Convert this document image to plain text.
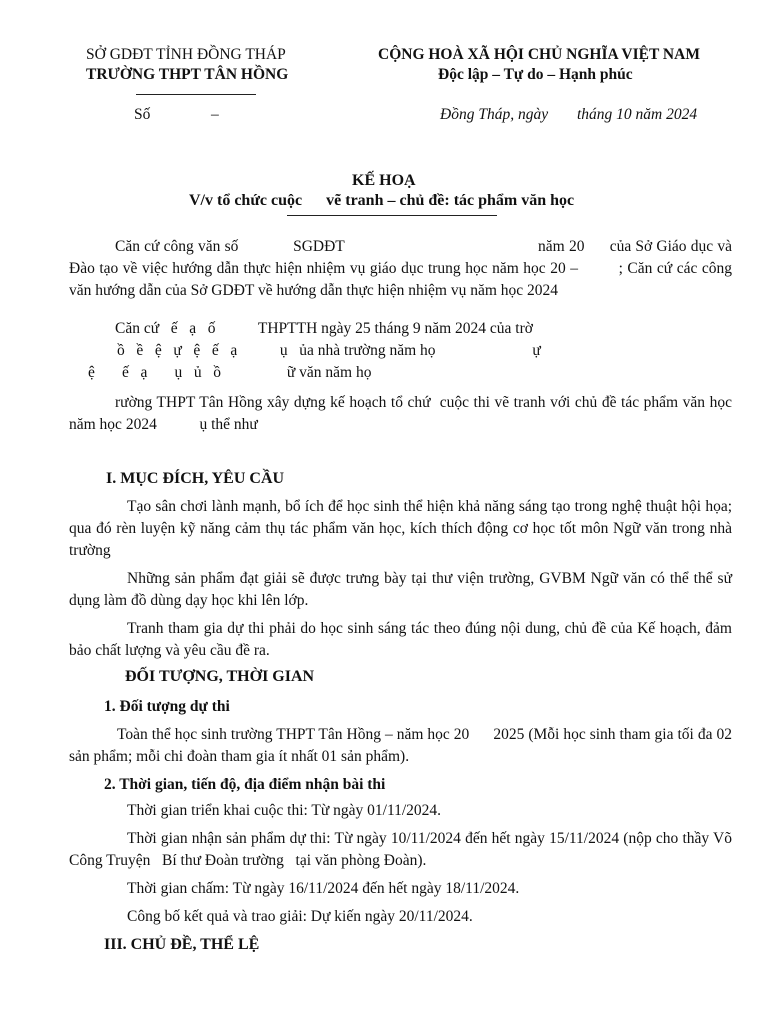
SỞ GDĐT TỈNH ĐỒNG THÁP
TRƯỜNG THPT TÂN HỒNG
CỘNG HOÀ XÃ HỘI CHỦ NGHĨA VIỆT NAM
Độc lập – Tự do – Hạnh phúc
Số	–	Đồng Tháp, ngày tháng 10 năm 2024
KẾ HOẠ
V/v tổ chức cuộc      vẽ tranh – chủ đề: tác phẩm văn học
Căn cứ công văn số             SGDĐT                                              năm 20      của Sở Giáo dục và Đào tạo về việc hướng dẫn thực hiện nhiệm vụ giáo dục trung học năm học 20 –         ; Căn cứ các công văn hướng dẫn của Sở GDĐT về hướng dẫn thực hiện nhiệm vụ năm học 2024
Căn cứ   ế   ạ   ố           THPTTH ngày 25 tháng 9 năm 2024 của trờ
ồ   ề   ệ   ự   ệ   ế   ạ           ụ   ủa nhà trường năm họ                         ự
ệ       ế   ạ       ụ   ủ   ồ                 ữ văn năm họ
rường THPT Tân Hồng xây dựng kế hoạch tổ chứ  cuộc thi vẽ tranh với chủ đề tác phẩm văn học năm học 2024           ụ thể như
I. MỤC ĐÍCH, YÊU CẦU
Tạo sân chơi lành mạnh, bổ ích để học sinh thể hiện khả năng sáng tạo trong nghệ thuật hội họa; qua đó rèn luyện kỹ năng cảm thụ tác phẩm văn học, kích thích động cơ học tốt môn Ngữ văn trong nhà trường
Những sản phẩm đạt giải sẽ được trưng bày tại thư viện trường, GVBM Ngữ văn có thể thể sử dụng làm đồ dùng dạy học khi lên lớp.
Tranh tham gia dự thi phải do học sinh sáng tác theo đúng nội dung, chủ đề của Kế hoạch, đảm bảo chất lượng và yêu cầu đề ra.
ĐỐI TƯỢNG, THỜI GIAN
1. Đối tượng dự thi
Toàn thể học sinh trường THPT Tân Hồng – năm học 20      2025 (Mỗi học sinh tham gia tối đa 02 sản phẩm; mỗi chi đoàn tham gia ít nhất 01 sản phẩm).
2. Thời gian, tiến độ, địa điểm nhận bài thi
Thời gian triển khai cuộc thi: Từ ngày 01/11/2024.
Thời gian nhận sản phẩm dự thi: Từ ngày 10/11/2024 đến hết ngày 15/11/2024 (nộp cho thầy Võ Công Truyện   Bí thư Đoàn trường   tại văn phòng Đoàn).
Thời gian chấm: Từ ngày 16/11/2024 đến hết ngày 18/11/2024.
Công bố kết quả và trao giải: Dự kiến ngày 20/11/2024.
III. CHỦ ĐỀ, THỂ LỆ
